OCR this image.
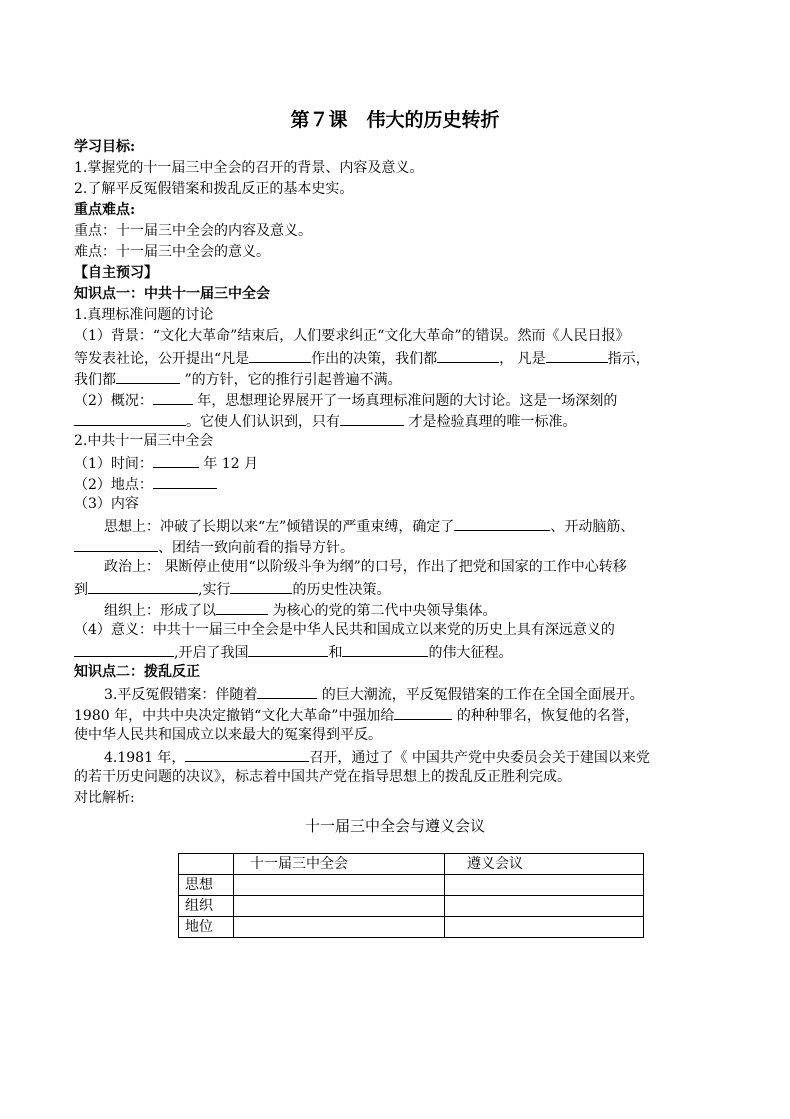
第７课　伟大的历史转折
学习目标:
1.掌握党的十一届三中全会的召开的背景、内容及意义。
2.了解平反冤假错案和拨乱反正的基本史实。
重点难点:
重点：十一届三中全会的内容及意义。
难点：十一届三中全会的意义。
【自主预习】
知识点一：中共十一届三中全会
1.真理标准问题的讨论
（1）背景：“文化大革命”结束后，人们要求纠正“文化大革命”的错误。然而《人民日报》
等发表社论，公开提出“凡是	作出的决策，我们都	， 凡是	指示，
我们都	”的方针，它的推行引起普遍不满。
（2）概况：	年，思想理论界展开了一场真理标准问题的大讨论。这是一场深刻的
。它使人们认识到，只有	才是检验真理的唯一标准。
2.中共十一届三中全会
（1）时间：	年 12 月
（2）地点：
（3）内容
思想上：冲破了长期以来“左”倾错误的严重束缚，确定了	、开动脑筋、
、团结一致向前看的指导方针。
政治上： 果断停止使用“以阶级斗争为纲”的口号，作出了把党和国家的工作中心转移
到	,实行	的历史性决策。
组织上：形成了以	为核心的党的第二代中央领导集体。
（4）意义：中共十一届三中全会是中华人民共和国成立以来党的历史上具有深远意义的
,开启了我国	和	的伟大征程。
知识点二：拨乱反正
3.平反冤假错案：伴随着	的巨大潮流，平反冤假错案的工作在全国全面展开。
1980 年，中共中央决定撤销“文化大革命”中强加给	的种种罪名，恢复他的名誉，
使中华人民共和国成立以来最大的冤案得到平反。
4.1981 年，	召开，通过了《 中国共产党中央委员会关于建国以来党
的若干历史问题的决议》，标志着中国共产党在指导思想上的拨乱反正胜利完成。
对比解析:
十一届三中全会与遵义会议
	十一届三中全会	遵义会议
思想		
组织		
地位		
